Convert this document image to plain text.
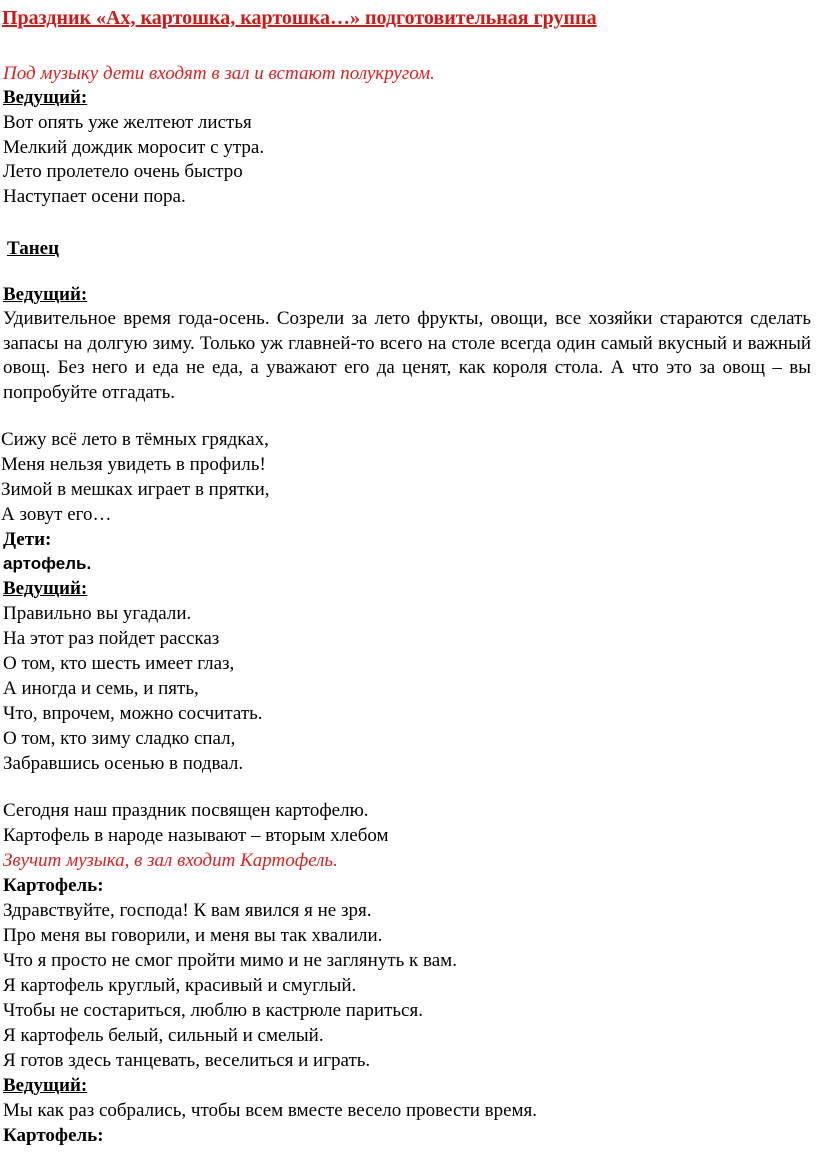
Праздник «Ах, картошка, картошка…» подготовительная группа
Под музыку дети входят в зал и встают полукругом.
Ведущий:
Вот опять уже желтеют листья
Мелкий дождик моросит с утра.
Лето пролетело очень быстро
Наступает осени пора.
Танец
Ведущий:
Удивительное время года-осень. Созрели за лето фрукты, овощи, все хозяйки стараются сделать запасы на долгую зиму. Только уж главней-то всего на столе всегда один самый вкусный и важный овощ. Без него и еда не еда, а уважают его да ценят, как короля стола. А что это за овощ – вы попробуйте отгадать.
Сижу всё лето в тёмных грядках,
Меня нельзя увидеть в профиль!
Зимой в мешках играет в прятки,
А зовут его…
Дети:
артофель.
Ведущий:
Правильно вы угадали.
На этот раз пойдет рассказ
О том, кто шесть имеет глаз,
А иногда и семь, и пять,
Что, впрочем, можно сосчитать.
О том, кто зиму сладко спал,
Забравшись осенью в подвал.
Сегодня наш праздник посвящен картофелю.
Картофель в народе называют – вторым хлебом
Звучит музыка, в зал входит Картофель.
Картофель:
Здравствуйте, господа! К вам явился я не зря.
Про меня вы говорили, и меня вы так хвалили.
Что я просто не смог пройти мимо и не заглянуть к вам.
Я картофель круглый, красивый и смуглый.
Чтобы не состариться, люблю в кастрюле париться.
Я картофель белый, сильный и смелый.
Я готов здесь танцевать, веселиться и играть.
Ведущий:
Мы как раз собрались, чтобы всем вместе весело провести время.
Картофель:
